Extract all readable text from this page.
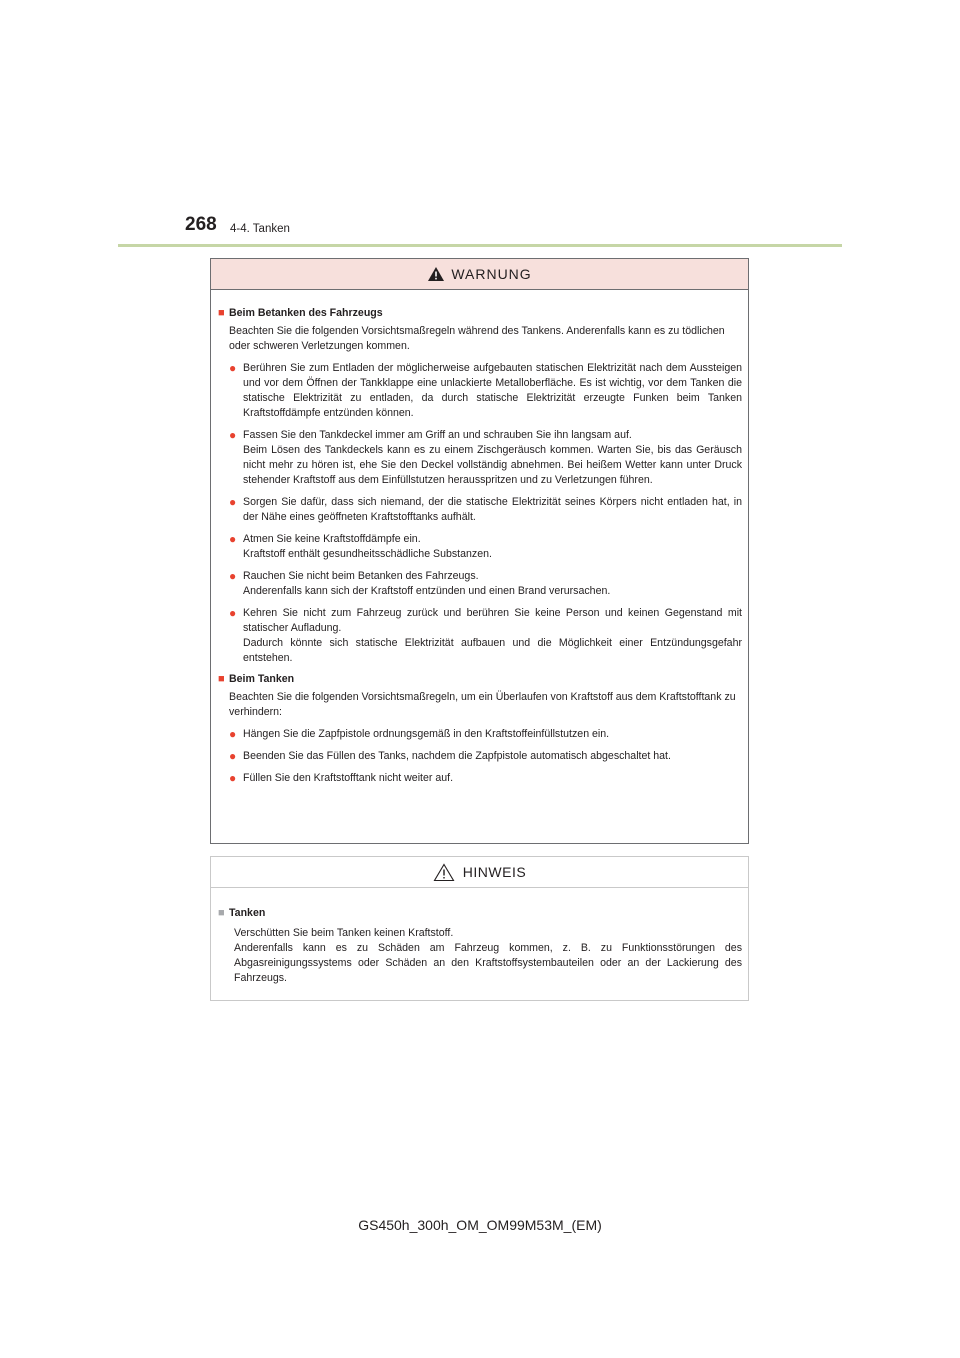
268 4-4. Tanken
WARNUNG
■ Beim Betanken des Fahrzeugs
Beachten Sie die folgenden Vorsichtsmaßregeln während des Tankens. Anderenfalls kann es zu tödlichen oder schweren Verletzungen kommen.
● Berühren Sie zum Entladen der möglicherweise aufgebauten statischen Elektrizität nach dem Aussteigen und vor dem Öffnen der Tankklappe eine unlackierte Metalloberfläche. Es ist wichtig, vor dem Tanken die statische Elektrizität zu entladen, da durch statische Elektrizität erzeugte Funken beim Tanken Kraftstoffdämpfe entzünden können.
● Fassen Sie den Tankdeckel immer am Griff an und schrauben Sie ihn langsam auf.
Beim Lösen des Tankdeckels kann es zu einem Zischgeräusch kommen. Warten Sie, bis das Geräusch nicht mehr zu hören ist, ehe Sie den Deckel vollständig abnehmen. Bei heißem Wetter kann unter Druck stehender Kraftstoff aus dem Einfüllstutzen herausspritzen und zu Verletzungen führen.
● Sorgen Sie dafür, dass sich niemand, der die statische Elektrizität seines Körpers nicht entladen hat, in der Nähe eines geöffneten Kraftstofftanks aufhält.
● Atmen Sie keine Kraftstoffdämpfe ein.
Kraftstoff enthält gesundheitsschädliche Substanzen.
● Rauchen Sie nicht beim Betanken des Fahrzeugs.
Anderenfalls kann sich der Kraftstoff entzünden und einen Brand verursachen.
● Kehren Sie nicht zum Fahrzeug zurück und berühren Sie keine Person und keinen Gegenstand mit statischer Aufladung.
Dadurch könnte sich statische Elektrizität aufbauen und die Möglichkeit einer Entzündungsgefahr entstehen.
■ Beim Tanken
Beachten Sie die folgenden Vorsichtsmaßregeln, um ein Überlaufen von Kraftstoff aus dem Kraftstofftank zu verhindern:
● Hängen Sie die Zapfpistole ordnungsgemäß in den Kraftstoffeinfüllstutzen ein.
● Beenden Sie das Füllen des Tanks, nachdem die Zapfpistole automatisch abgeschaltet hat.
● Füllen Sie den Kraftstofftank nicht weiter auf.
HINWEIS
■ Tanken
Verschütten Sie beim Tanken keinen Kraftstoff.
Anderenfalls kann es zu Schäden am Fahrzeug kommen, z. B. zu Funktionsstörungen des Abgasreinigungssystems oder Schäden an den Kraftstoffsystembauteilen oder an der Lackierung des Fahrzeugs.
GS450h_300h_OM_OM99M53M_(EM)
